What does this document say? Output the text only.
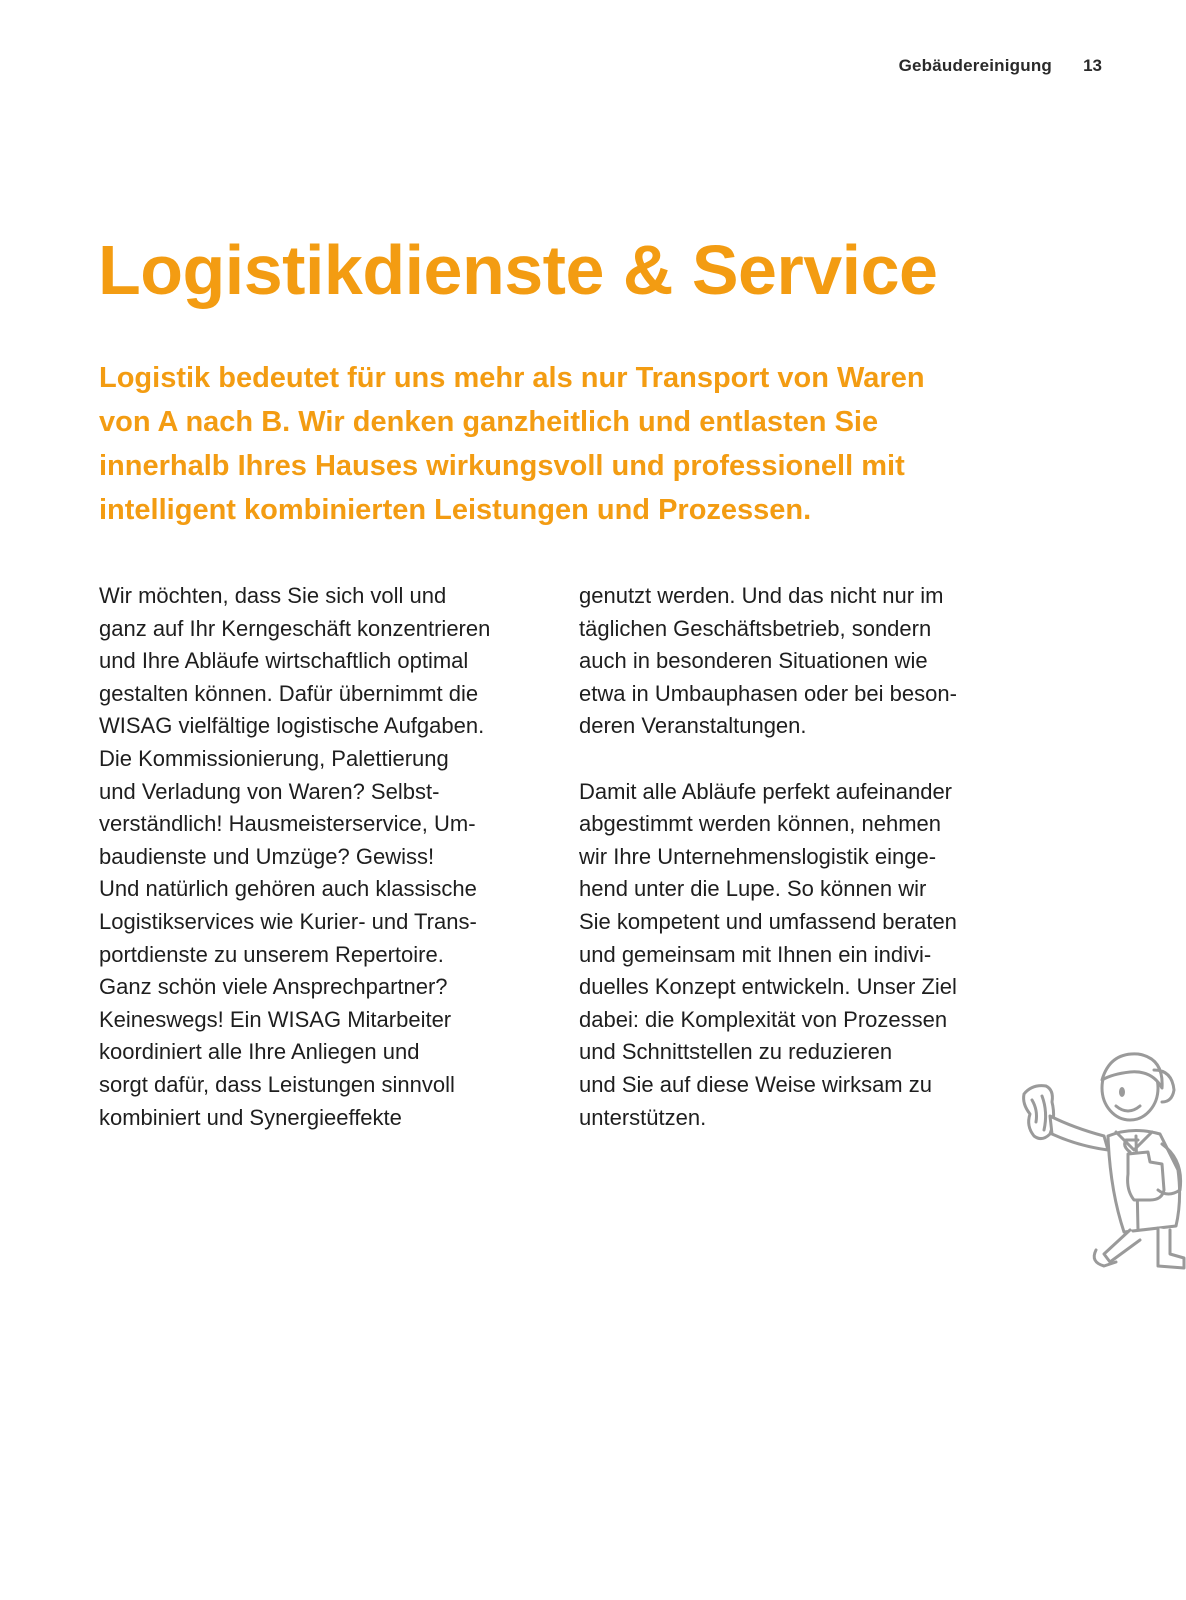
Gebäudereinigung 13
Logistikdienste & Service

Logistik bedeutet für uns mehr als nur Transport von Waren
von A nach B. Wir denken ganzheitlich und entlasten Sie
innerhalb Ihres Hauses wirkungsvoll und professionell mit
intelligent kombinierten Leistungen und Prozessen.

Wir möchten, dass Sie sich voll und
ganz auf Ihr Kerngeschäft konzentrieren
und Ihre Abläufe wirtschaftlich optimal
gestalten können. Dafür übernimmt die
WISAG vielfältige logistische Aufgaben.
Die Kommissionierung, Palettierung
und Verladung von Waren? Selbst-
verständlich! Hausmeisterservice, Um-
baudienste und Umzüge? Gewiss!
Und natürlich gehören auch klassische
Logistikservices wie Kurier- und Trans-
portdienste zu unserem Repertoire.
Ganz schön viele Ansprechpartner?
Keineswegs! Ein WISAG Mitarbeiter
koordiniert alle Ihre Anliegen und
sorgt dafür, dass Leistungen sinnvoll
kombiniert und Synergieeffekte
genutzt werden. Und das nicht nur im
täglichen Geschäftsbetrieb, sondern
auch in besonderen Situationen wie
etwa in Umbauphasen oder bei beson-
deren Veranstaltungen.
Damit alle Abläufe perfekt aufeinander
abgestimmt werden können, nehmen
wir Ihre Unternehmenslogistik einge-
hend unter die Lupe. So können wir
Sie kompetent und umfassend beraten
und gemeinsam mit Ihnen ein indivi-
duelles Konzept entwickeln. Unser Ziel
dabei: die Komplexität von Prozessen
und Schnittstellen zu reduzieren
und Sie auf diese Weise wirksam zu
unterstützen.
